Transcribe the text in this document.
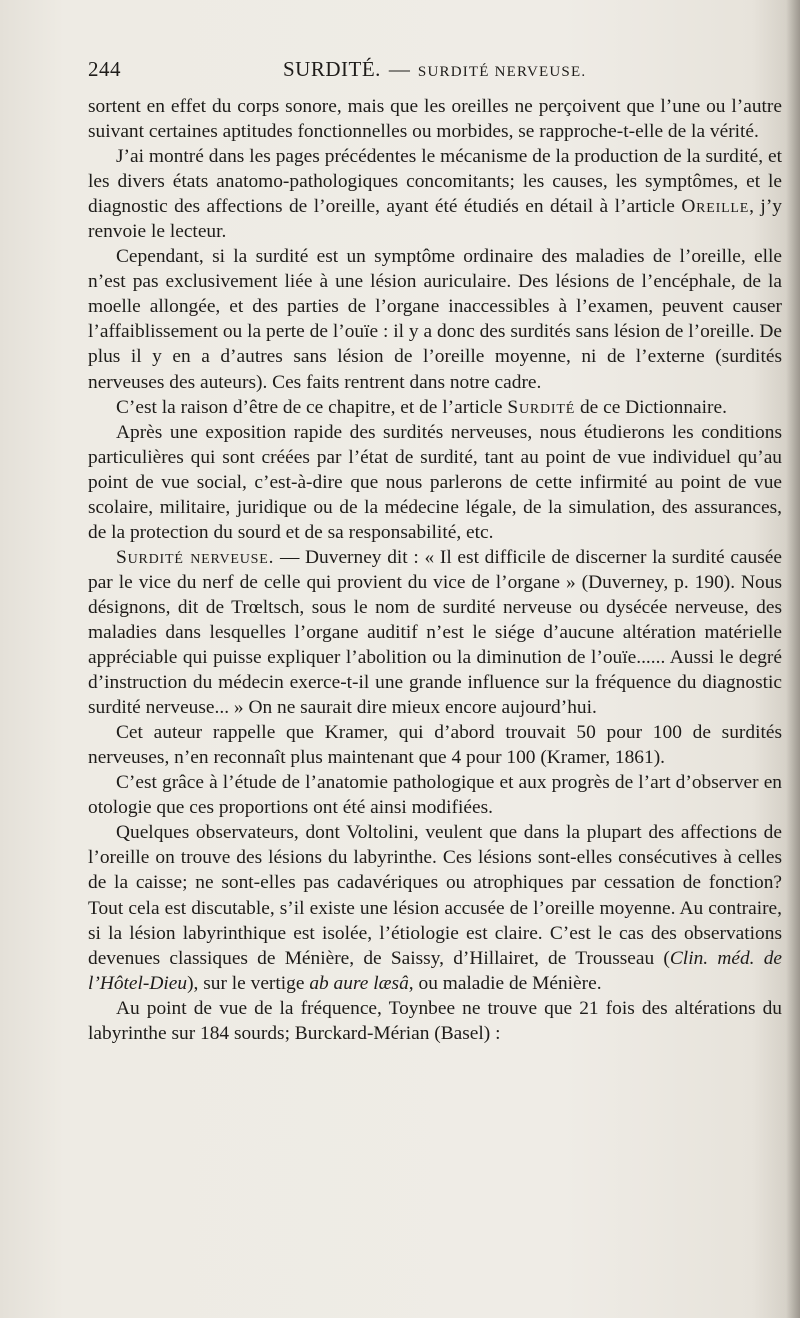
244	SURDITÉ. — SURDITÉ NERVEUSE.

sortent en effet du corps sonore, mais que les oreilles ne perçoivent que l’une ou l’autre suivant certaines aptitudes fonctionnelles ou morbides, se rapproche-t-elle de la vérité.

J’ai montré dans les pages précédentes le mécanisme de la production de la surdité, et les divers états anatomo-pathologiques concomitants; les causes, les symptômes, et le diagnostic des affections de l’oreille, ayant été étudiés en détail à l’article Oreille, j’y renvoie le lecteur.

Cependant, si la surdité est un symptôme ordinaire des maladies de l’oreille, elle n’est pas exclusivement liée à une lésion auriculaire. Des lésions de l’encéphale, de la moelle allongée, et des parties de l’organe inaccessibles à l’examen, peuvent causer l’affaiblissement ou la perte de l’ouïe : il y a donc des surdités sans lésion de l’oreille. De plus il y en a d’autres sans lésion de l’oreille moyenne, ni de l’externe (surdités nerveuses des auteurs). Ces faits rentrent dans notre cadre.

C’est la raison d’être de ce chapitre, et de l’article Surdité de ce Dictionnaire.

Après une exposition rapide des surdités nerveuses, nous étudierons les conditions particulières qui sont créées par l’état de surdité, tant au point de vue individuel qu’au point de vue social, c’est-à-dire que nous parlerons de cette infirmité au point de vue scolaire, militaire, juridique ou de la médecine légale, de la simulation, des assurances, de la protection du sourd et de sa responsabilité, etc.

Surdité nerveuse. — Duverney dit : « Il est difficile de discerner la surdité causée par le vice du nerf de celle qui provient du vice de l’organe » (Duverney, p. 190). Nous désignons, dit de Trœltsch, sous le nom de surdité nerveuse ou dysécée nerveuse, des maladies dans lesquelles l’organe auditif n’est le siége d’aucune altération matérielle appréciable qui puisse expliquer l’abolition ou la diminution de l’ouïe...... Aussi le degré d’instruction du médecin exerce-t-il une grande influence sur la fréquence du diagnostic surdité nerveuse... » On ne saurait dire mieux encore aujourd’hui.

Cet auteur rappelle que Kramer, qui d’abord trouvait 50 pour 100 de surdités nerveuses, n’en reconnaît plus maintenant que 4 pour 100 (Kramer, 1861).

C’est grâce à l’étude de l’anatomie pathologique et aux progrès de l’art d’observer en otologie que ces proportions ont été ainsi modifiées.

Quelques observateurs, dont Voltolini, veulent que dans la plupart des affections de l’oreille on trouve des lésions du labyrinthe. Ces lésions sont-elles consécutives à celles de la caisse; ne sont-elles pas cadavériques ou atrophiques par cessation de fonction? Tout cela est discutable, s’il existe une lésion accusée de l’oreille moyenne. Au contraire, si la lésion labyrinthique est isolée, l’étiologie est claire. C’est le cas des observations devenues classiques de Ménière, de Saissy, d’Hillairet, de Trousseau (Clin. méd. de l’Hôtel-Dieu), sur le vertige ab aure læsâ, ou maladie de Ménière.

Au point de vue de la fréquence, Toynbee ne trouve que 21 fois des altérations du labyrinthe sur 184 sourds; Burckard-Mérian (Basel) :
